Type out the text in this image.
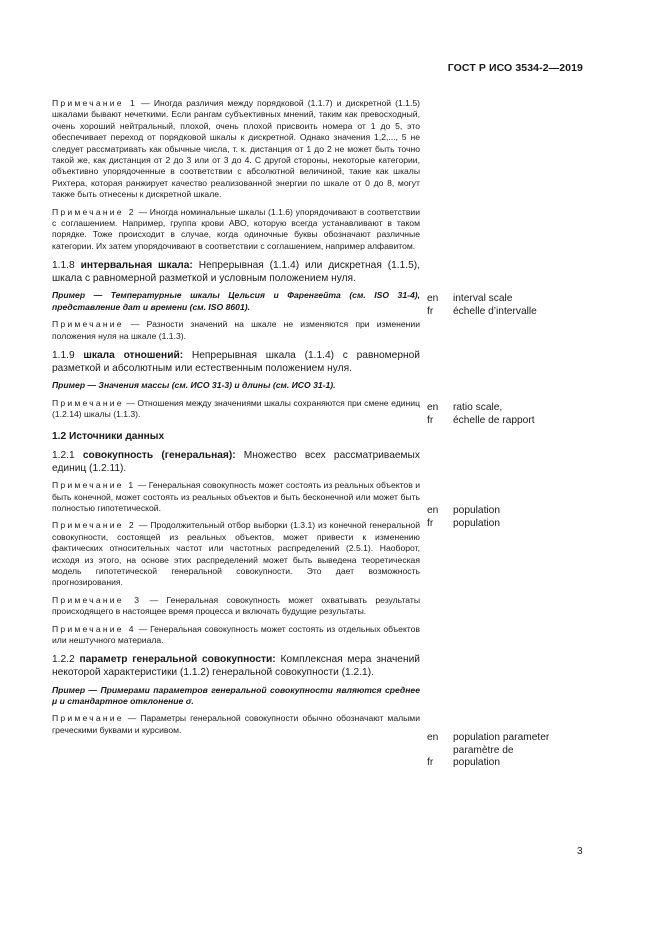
ГОСТ Р ИСО 3534-2—2019

Примечание 1 — Иногда различия между порядковой (1.1.7) и дискретной (1.1.5) шкалами бывают нечеткими. Если рангам субъективных мнений, таким как превосходный, очень хороший нейтральный, плохой, очень плохой присвоить номера от 1 до 5, это обеспечивает переход от порядковой шкалы к дискретной. Однако значения 1,2,..., 5 не следует рассматривать как обычные числа, т. к. дистанция от 1 до 2 не может быть точно такой же, как дистанция от 2 до 3 или от 3 до 4. С другой стороны, некоторые категории, объективно упорядоченные в соответствии с абсолютной величиной, такие как шкалы Рихтера, которая ранжирует качество реализованной энергии по шкале от 0 до 8, могут также быть отнесены к дискретной шкале.

Примечание 2 — Иногда номинальные шкалы (1.1.6) упорядочивают в соответствии с соглашением. Например, группа крови АВО, которую всегда устанавливают в таком порядке. Тоже происходит в случае, когда одиночные буквы обозначают различные категории. Их затем упорядочивают в соответствии с соглашением, например алфавитом.

1.1.8 интервальная шкала: Непрерывная (1.1.4) или дискретная (1.1.5), шкала с равномерной разметкой и условным положением нуля.

Пример — Температурные шкалы Цельсия и Фаренгейта (см. ISO 31-4), представление дат и времени (см. ISO 8601).

Примечание — Разности значений на шкале не изменяются при изменении положения нуля на шкале (1.1.3).

1.1.9 шкала отношений: Непрерывная шкала (1.1.4) с равномерной разметкой и абсолютным или естественным положением нуля.

Пример — Значения массы (см. ИСО 31-3) и длины (см. ИСО 31-1).

Примечание — Отношения между значениями шкалы сохраняются при смене единиц (1.2.14) шкалы (1.1.3).

1.2 Источники данных

1.2.1 совокупность (генеральная): Множество всех рассматриваемых единиц (1.2.11).

Примечание 1 — Генеральная совокупность может состоять из реальных объектов и быть конечной, может состоять из реальных объектов и быть бесконечной или может быть полностью гипотетической.

Примечание 2 — Продолжительный отбор выборки (1.3.1) из конечной генеральной совокупности, состоящей из реальных объектов, может привести к изменению фактических относительных частот или частотных распределений (2.5.1). Наоборот, исходя из этого, на основе этих распределений может быть выведена теоретическая модель гипотетической генеральной совокупности. Это дает возможность прогнозирования.

Примечание 3 — Генеральная совокупность может охватывать результаты происходящего в настоящее время процесса и включать будущие результаты.

Примечание 4 — Генеральная совокупность может состоять из отдельных объектов или нештучного материала.

1.2.2 параметр генеральной совокупности: Комплексная мера значений некоторой характеристики (1.1.2) генеральной совокупности (1.2.1).

Пример — Примерами параметров генеральной совокупности являются среднее μ и стандартное отклонение σ.

Примечание — Параметры генеральной совокупности обычно обозначают малыми греческими буквами и курсивом.

en	interval scale
fr	échelle d’intervalle
en	ratio scale,
fr	échelle de rapport
en	population
fr	population
en	population parameter
paramètre de
fr	population
3
